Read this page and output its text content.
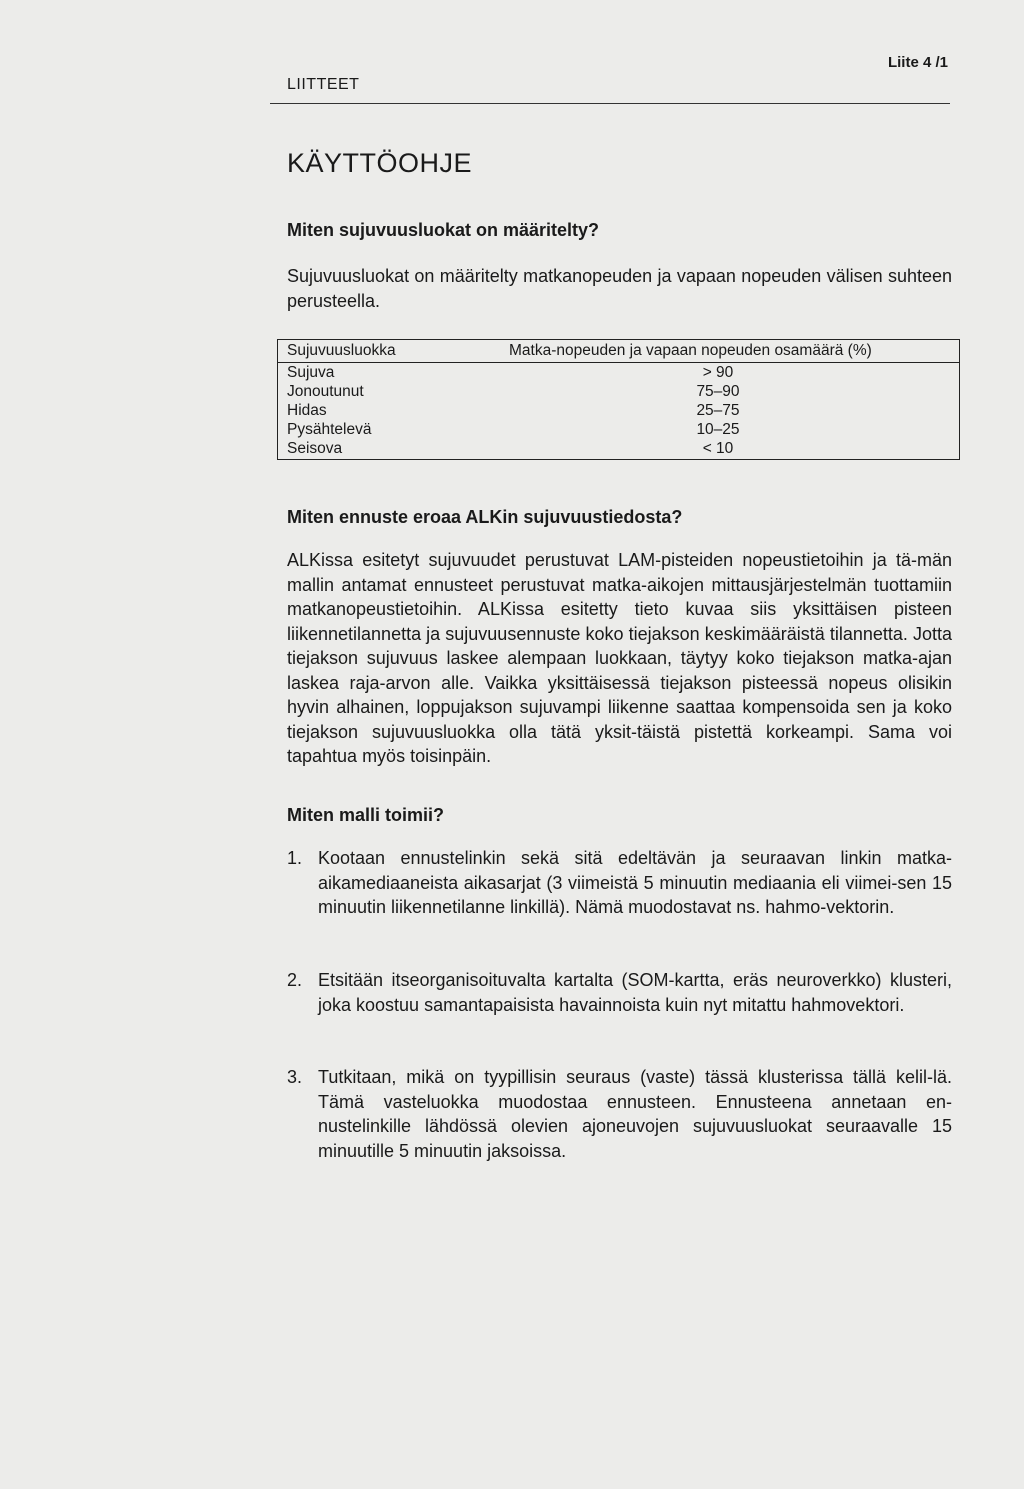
LIITTEET
Liite 4 /1
KÄYTTÖOHJE
Miten sujuvuusluokat on määritelty?

Sujuvuusluokat on määritelty matkanopeuden ja vapaan nopeuden välisen suhteen perusteella.

Sujuvuusluokka	Matka-nopeuden ja vapaan nopeuden osamäärä (%)
Sujuva	> 90
Jonoutunut	75–90
Hidas	25–75
Pysähtelevä	10–25
Seisova	< 10
Miten ennuste eroaa ALKin sujuvuustiedosta?

ALKissa esitetyt sujuvuudet perustuvat LAM-pisteiden nopeustietoihin ja tä-män mallin antamat ennusteet perustuvat matka-aikojen mittausjärjestelmän tuottamiin matkanopeustietoihin. ALKissa esitetty tieto kuvaa siis yksittäisen pisteen liikennetilannetta ja sujuvuusennuste koko tiejakson keskimääräistä tilannetta. Jotta tiejakson sujuvuus laskee alempaan luokkaan, täytyy koko tiejakson matka-ajan laskea raja-arvon alle. Vaikka yksittäisessä tiejakson pisteessä nopeus olisikin hyvin alhainen, loppujakson sujuvampi liikenne saattaa kompensoida sen ja koko tiejakson sujuvuusluokka olla tätä yksit-täistä pistettä korkeampi. Sama voi tapahtua myös toisinpäin.

Miten malli toimii?
1. Kootaan ennustelinkin sekä sitä edeltävän ja seuraavan linkin matka-aikamediaaneista aikasarjat (3 viimeistä 5 minuutin mediaania eli viimei-sen 15 minuutin liikennetilanne linkillä). Nämä muodostavat ns. hahmo-vektorin.

2. Etsitään itseorganisoituvalta kartalta (SOM-kartta, eräs neuroverkko) klusteri, joka koostuu samantapaisista havainnoista kuin nyt mitattu hahmovektori.

3. Tutkitaan, mikä on tyypillisin seuraus (vaste) tässä klusterissa tällä kelil-lä. Tämä vasteluokka muodostaa ennusteen. Ennusteena annetaan en-nustelinkille lähdössä olevien ajoneuvojen sujuvuusluokat seuraavalle 15 minuutille 5 minuutin jaksoissa.
